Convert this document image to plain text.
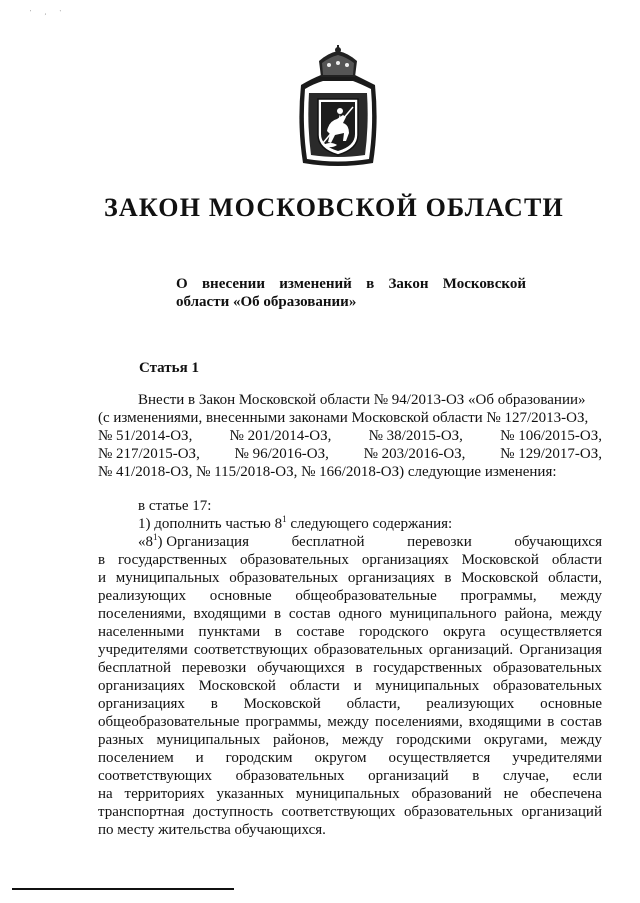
' , '
ЗАКОН МОСКОВСКОЙ ОБЛАСТИ
О внесении изменений в Закон Московской
области «Об образовании»
Статья 1
Внести в Закон Московской области № 94/2013-ОЗ «Об образовании»
(с изменениями, внесенными законами Московской области № 127/2013-ОЗ,
№ 51/2014-ОЗ, № 201/2014-ОЗ, № 38/2015-ОЗ, № 106/2015-ОЗ,
№ 217/2015-ОЗ, № 96/2016-ОЗ, № 203/2016-ОЗ, № 129/2017-ОЗ,
№ 41/2018-ОЗ, № 115/2018-ОЗ, № 166/2018-ОЗ) следующие изменения:
в статье 17:
1) дополнить частью $8^1$ следующего содержания:
«$8^1$) Организация	бесплатной	перевозки	обучающихся
в государственных образовательных организациях Московской области
и муниципальных образовательных организациях в Московской области,
реализующих основные общеобразовательные программы, между
поселениями, входящими в состав одного муниципального района, между
населенными пунктами в составе городского округа осуществляется
учредителями соответствующих образовательных организаций. Организация
бесплатной перевозки обучающихся в государственных образовательных
организациях Московской области и муниципальных образовательных
организациях в Московской области, реализующих основные
общеобразовательные программы, между поселениями, входящими в состав
разных муниципальных районов, между городскими округами, между
поселением и городским округом осуществляется учредителями
соответствующих образовательных организаций в случае, если
на территориях указанных муниципальных образований не обеспечена
транспортная доступность соответствующих образовательных организаций
по месту жительства обучающихся.
